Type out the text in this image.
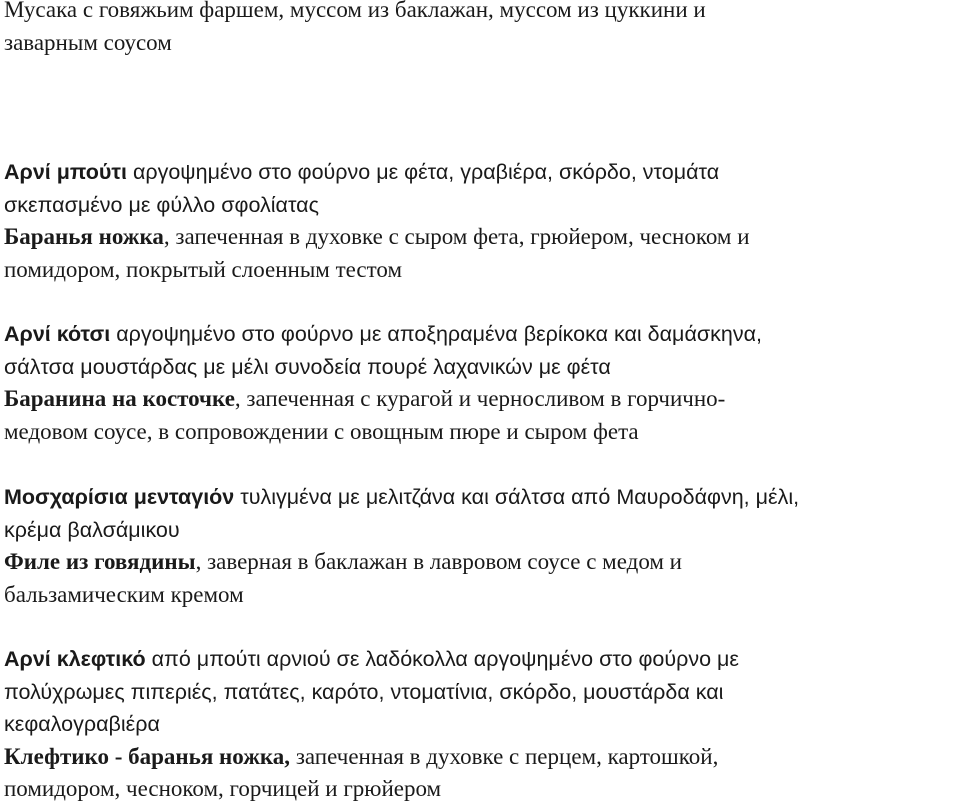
Мусака с говяжьим фаршем, муссом из баклажан, муссом из цуккини и
заварным соусом

Αρνί μπούτι αργοψημένο στο φούρνο με φέτα, γραβιέρα, σκόρδο, ντομάτα
σκεπασμένο με φύλλο σφολίατας
Баранья ножка, запеченная в духовке с сыром фета, грюйером, чесноком и
помидором, покрытый слоенным тестом

Αρνί κότσι αργοψημένο στο φούρνο με αποξηραμένα βερίκοκα και δαμάσκηνα,
σάλτσα μουστάρδας με μέλι συνοδεία πουρέ λαχανικών με φέτα
Баранина на косточке, запеченная с курагой и черносливом в горчично-
медовом соусе, в сопровождении с овощным пюре и сыром фета

Μοσχαρίσια μενταγιόν τυλιγμένα με μελιτζάνα και σάλτσα από Μαυροδάφνη, μέλι,
κρέμα βαλσάμικου
Филе из говядины, заверная в баклажан в лавровом соусе с медом и
бальзамическим кремом

Αρνί κλεφτικό από μπούτι αρνιού σε λαδόκολλα αργοψημένο στο φούρνο με
πολύχρωμες πιπεριές, πατάτες, καρότο, ντοματίνια, σκόρδο, μουστάρδα και
κεφαλογραβιέρα
Клефтико - баранья ножка, запеченная в духовке с перцем, картошкой,
помидором, чесноком, горчицей и грюйером
